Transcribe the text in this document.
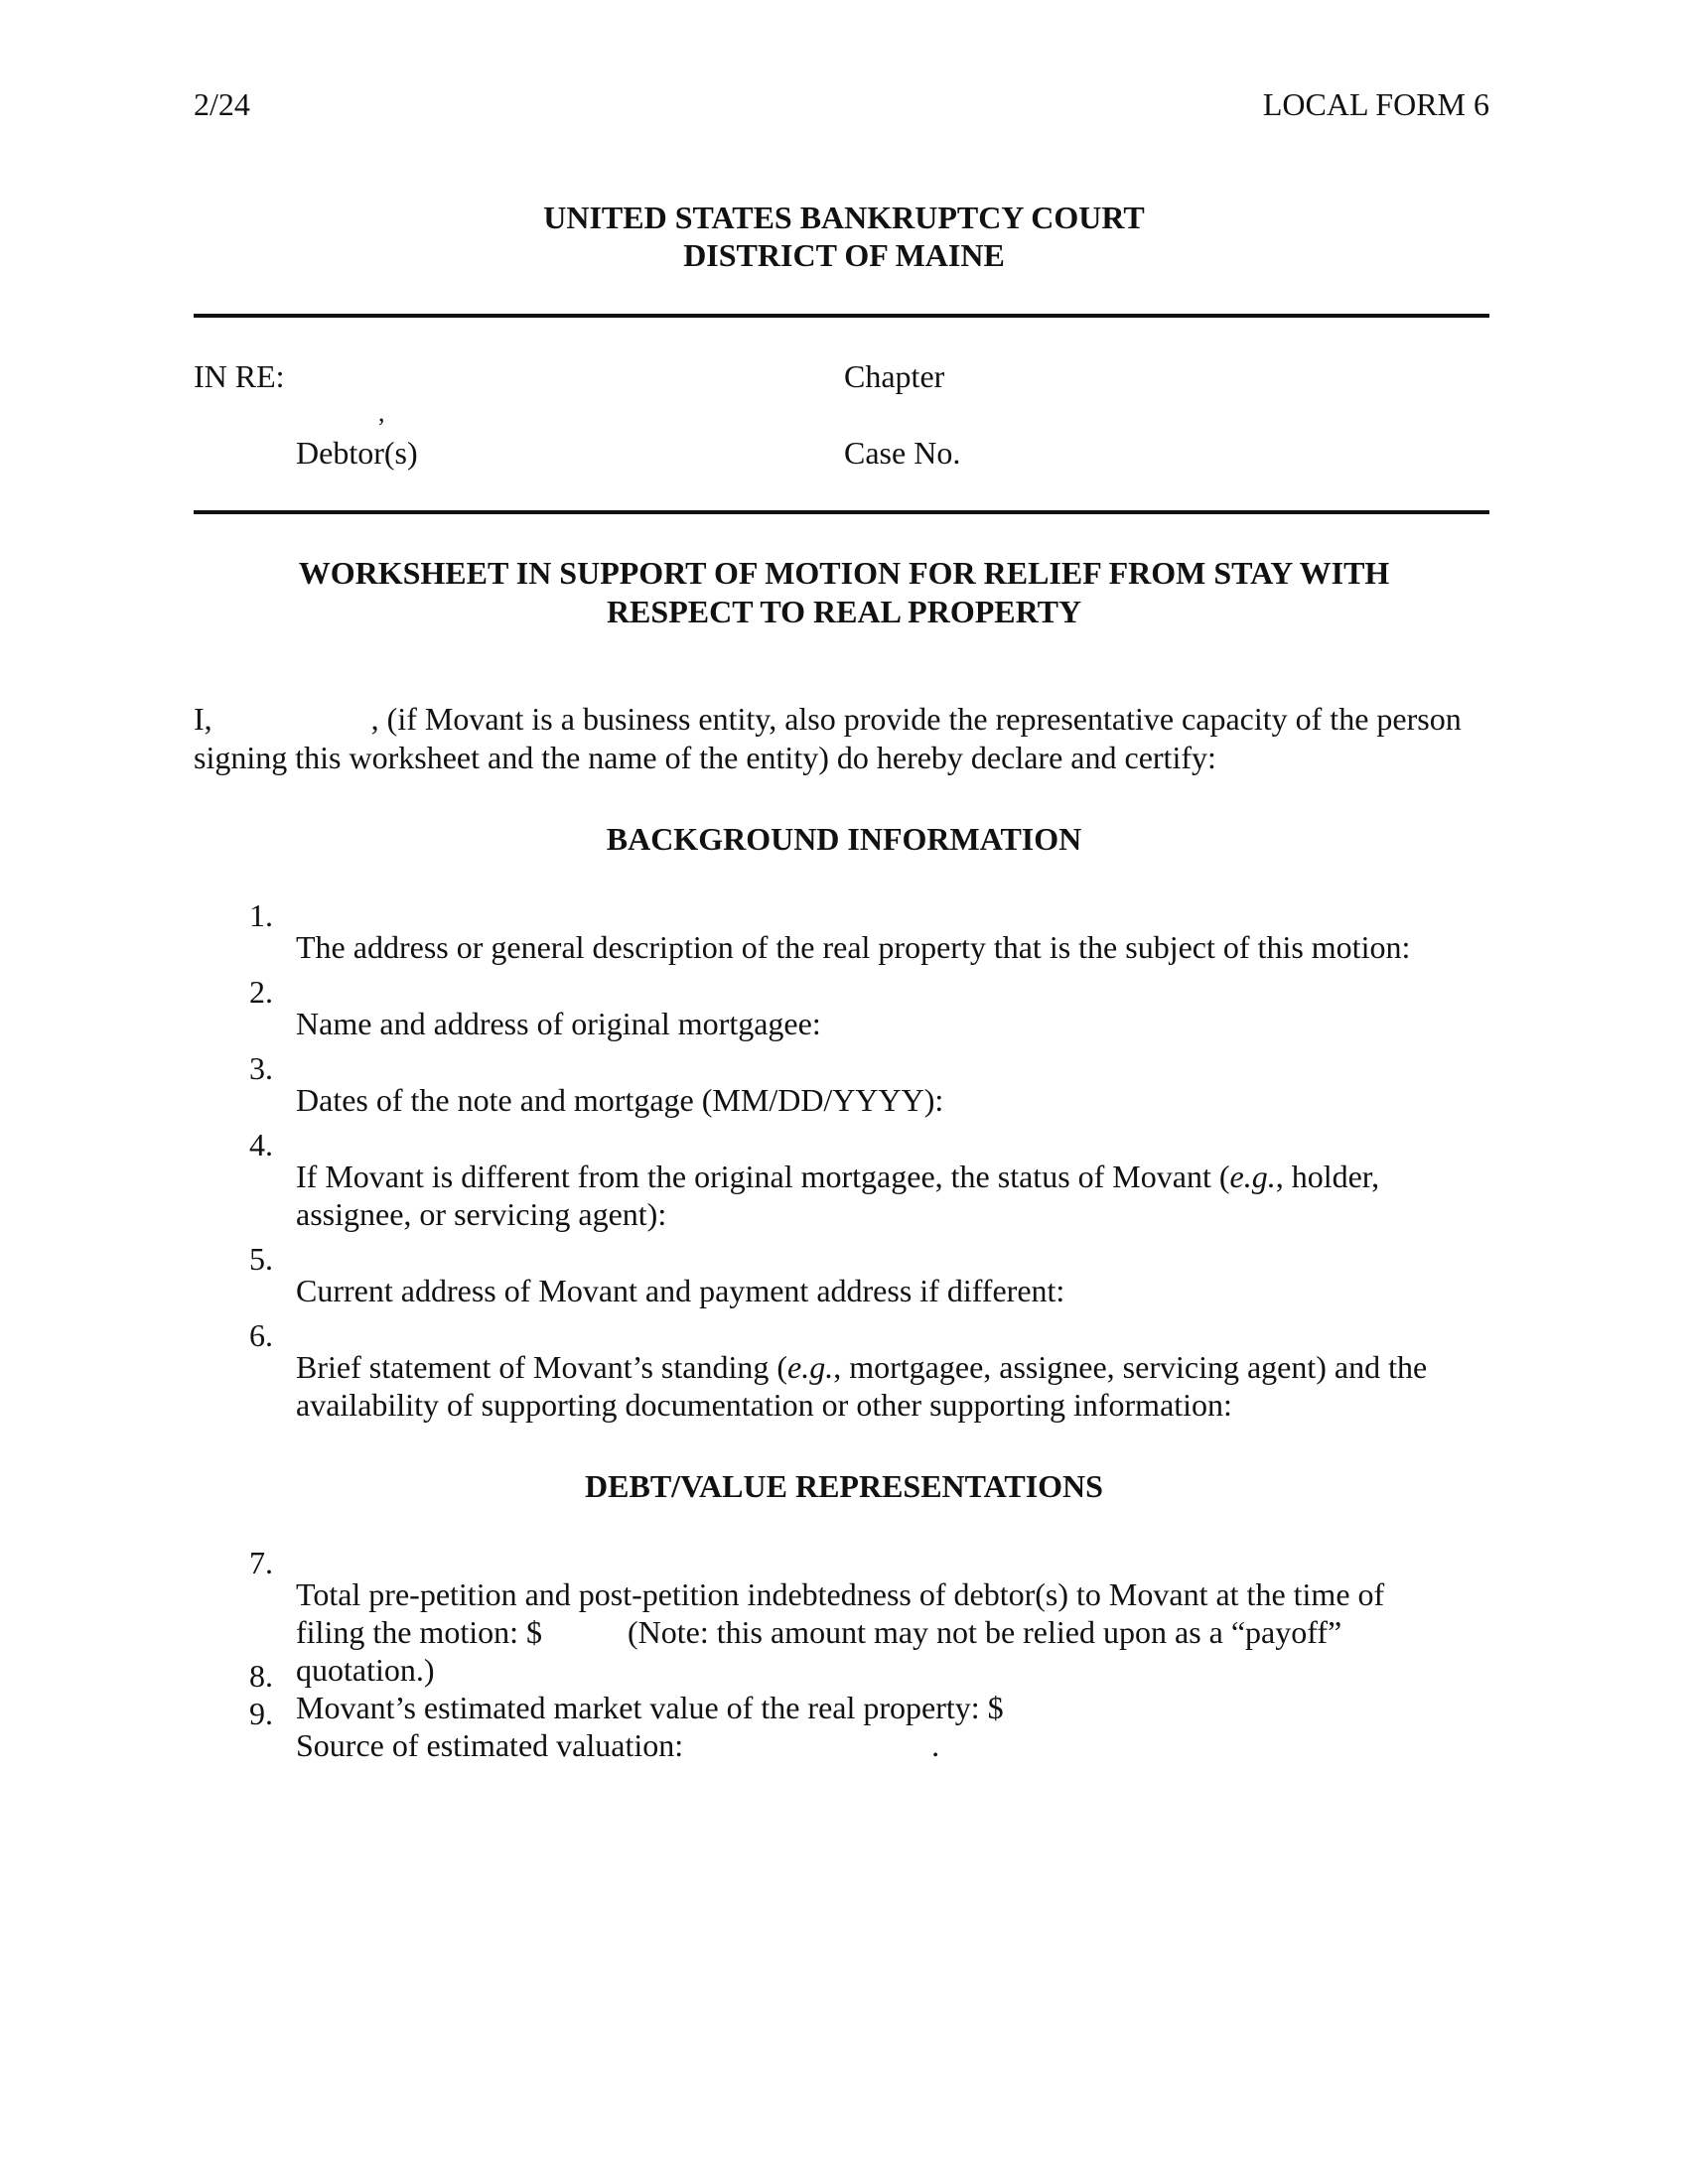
2/24	LOCAL FORM 6

UNITED STATES BANKRUPTCY COURT

DISTRICT OF MAINE

IN RE:	Chapter

,

Debtor(s)	Case No.

WORKSHEET IN SUPPORT OF MOTION FOR RELIEF FROM STAY WITH

RESPECT TO REAL PROPERTY

I,	, (if Movant is a business entity, also provide the representative capacity of the person

signing this worksheet and the name of the entity) do hereby declare and certify:

BACKGROUND INFORMATION

1.

The address or general description of the real property that is the subject of this motion:

2.

Name and address of original mortgagee:

3.

Dates of the note and mortgage (MM/DD/YYYY):

4.

If Movant is different from the original mortgagee, the status of Movant (e.g., holder,

assignee, or servicing agent):

5.

Current address of Movant and payment address if different:

6.

Brief statement of Movant’s standing (e.g., mortgagee, assignee, servicing agent) and the

availability of supporting documentation or other supporting information:

DEBT/VALUE REPRESENTATIONS

7.

Total pre-petition and post-petition indebtedness of debtor(s) to Movant at the time of

filing the motion: $	(Note: this amount may not be relied upon as a “payoff”

quotation.)

8.

Movant’s estimated market value of the real property: $

9.

Source of estimated valuation:	.
